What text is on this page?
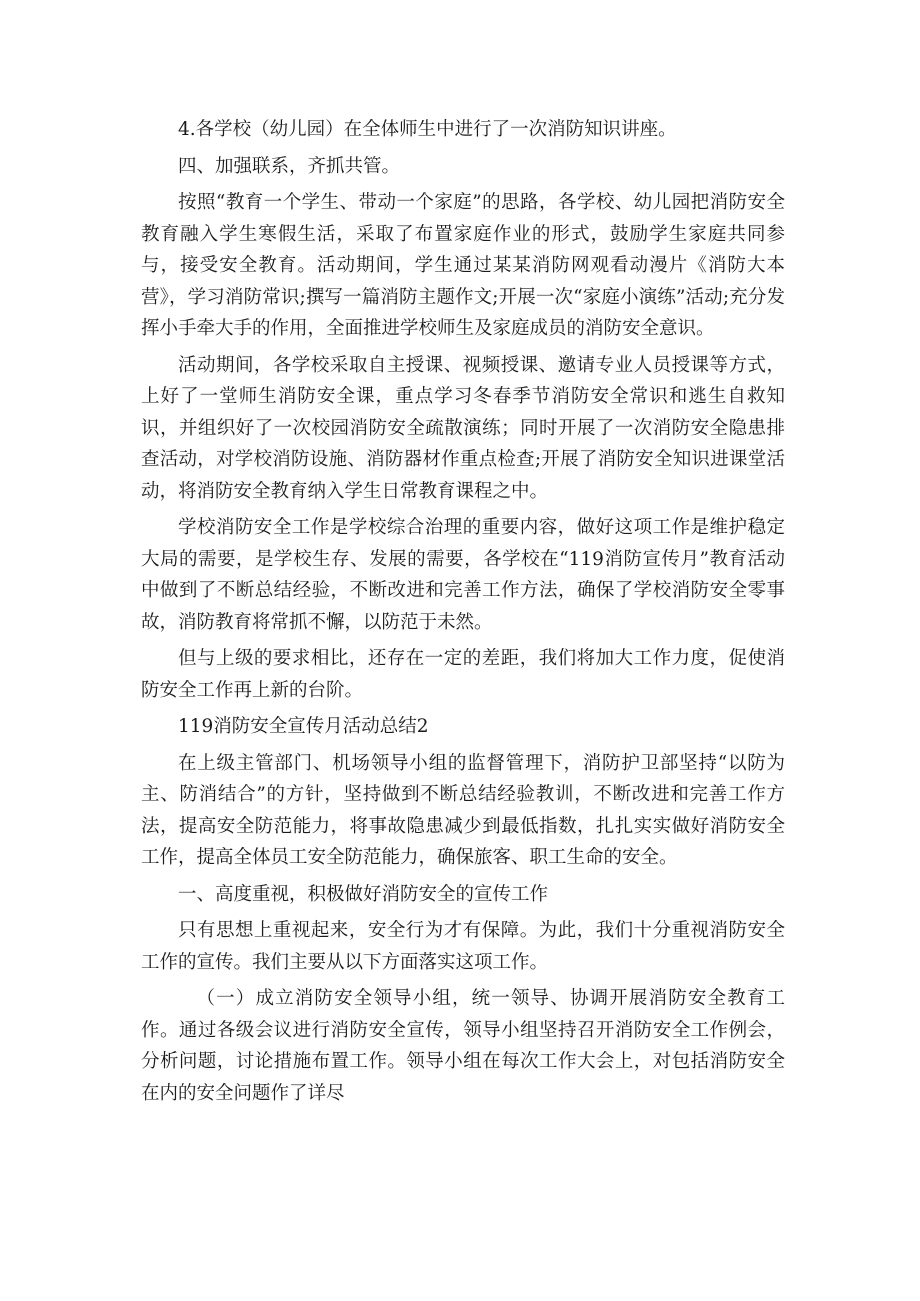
4.各学校（幼儿园）在全体师生中进行了一次消防知识讲座。

四、加强联系，齐抓共管。

按照“教育一个学生、带动一个家庭”的思路，各学校、幼儿园把消防安全教育融入学生寒假生活，采取了布置家庭作业的形式，鼓励学生家庭共同参与，接受安全教育。活动期间，学生通过某某消防网观看动漫片《消防大本营》，学习消防常识;撰写一篇消防主题作文;开展一次“家庭小演练”活动;充分发挥小手牵大手的作用，全面推进学校师生及家庭成员的消防安全意识。

活动期间，各学校采取自主授课、视频授课、邀请专业人员授课等方式，上好了一堂师生消防安全课，重点学习冬春季节消防安全常识和逃生自救知识，并组织好了一次校园消防安全疏散演练；同时开展了一次消防安全隐患排查活动，对学校消防设施、消防器材作重点检查;开展了消防安全知识进课堂活动，将消防安全教育纳入学生日常教育课程之中。

学校消防安全工作是学校综合治理的重要内容，做好这项工作是维护稳定大局的需要，是学校生存、发展的需要，各学校在“119消防宣传月”教育活动中做到了不断总结经验，不断改进和完善工作方法，确保了学校消防安全零事故，消防教育将常抓不懈，以防范于未然。

但与上级的要求相比，还存在一定的差距，我们将加大工作力度，促使消防安全工作再上新的台阶。

119消防安全宣传月活动总结2

在上级主管部门、机场领导小组的监督管理下，消防护卫部坚持“以防为主、防消结合”的方针，坚持做到不断总结经验教训，不断改进和完善工作方法，提高安全防范能力，将事故隐患减少到最低指数，扎扎实实做好消防安全工作，提高全体员工安全防范能力，确保旅客、职工生命的安全。

一、高度重视，积极做好消防安全的宣传工作

只有思想上重视起来，安全行为才有保障。为此，我们十分重视消防安全工作的宣传。我们主要从以下方面落实这项工作。

（一）成立消防安全领导小组，统一领导、协调开展消防安全教育工作。通过各级会议进行消防安全宣传，领导小组坚持召开消防安全工作例会，分析问题，讨论措施布置工作。领导小组在每次工作大会上，对包括消防安全在内的安全问题作了详尽
